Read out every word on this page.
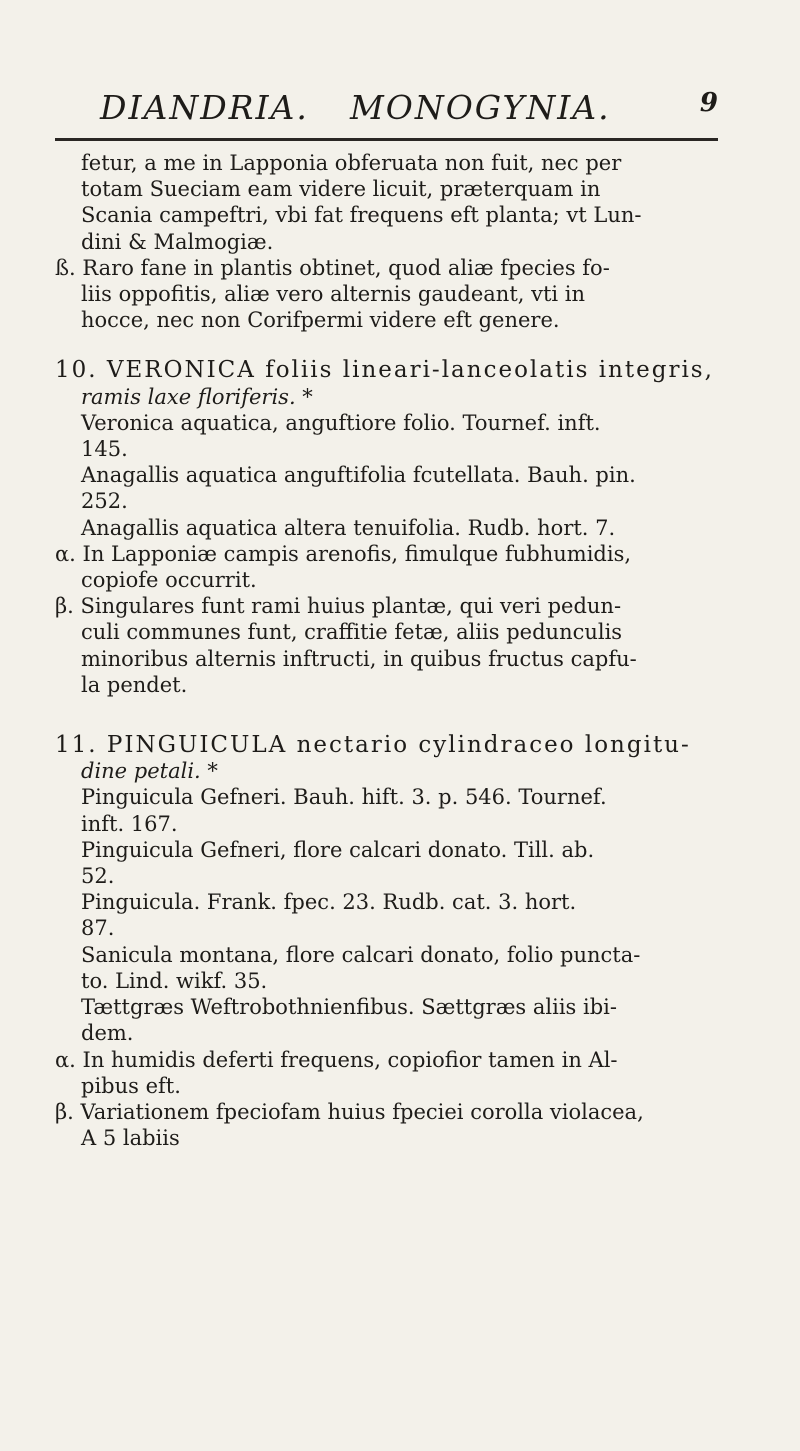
DIANDRIA. MONOGYNIA.	9
fetur, a me in Lapponia obferuata non fuit, nec per
totam Sueciam eam videre licuit, præterquam in
Scania campeftri, vbi fat frequens eft planta; vt Lun-
dini & Malmogiæ.
ß. Raro fane in plantis obtinet, quod aliæ fpecies fo-
liis oppofitis, aliæ vero alternis gaudeant, vti in
hocce, nec non Corifpermi videre eft genere.
10. VERONICA foliis lineari-lanceolatis integris,
ramis laxe floriferis. *
Veronica aquatica, anguftiore folio. Tournef. inft.
145.
Anagallis aquatica anguftifolia fcutellata. Bauh. pin.
252.
Anagallis aquatica altera tenuifolia. Rudb. hort. 7.
α. In Lapponiæ campis arenofis, fimulque fubhumidis,
copiofe occurrit.
β. Singulares funt rami huius plantæ, qui veri pedun-
culi communes funt, craffitie fetæ, aliis pedunculis
minoribus alternis inftructi, in quibus fructus capfu-
la pendet.
11. PINGUICULA nectario cylindraceo longitu-
dine petali. *
Pinguicula Gefneri. Bauh. hift. 3. p. 546. Tournef.
inft. 167.
Pinguicula Gefneri, flore calcari donato. Till. ab.
52.
Pinguicula. Frank. fpec. 23. Rudb. cat. 3. hort.
87.
Sanicula montana, flore calcari donato, folio puncta-
to. Lind. wikf. 35.
Tættgræs Weftrobothnienfibus. Sættgræs aliis ibi-
dem.
α. In humidis deferti frequens, copiofior tamen in Al-
pibus eft.
β. Variationem fpeciofam huius fpeciei corolla violacea,
A 5 labiis
